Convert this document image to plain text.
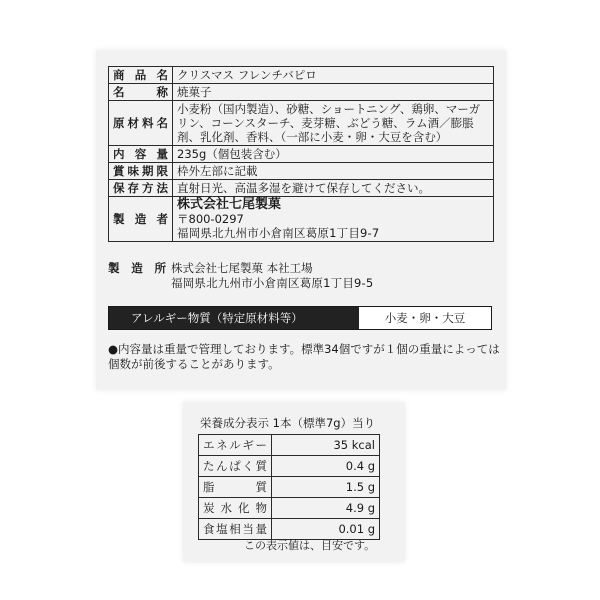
商品名	クリスマス フレンチバピロ
名称	焼菓子
原材料名	小麦粉（国内製造）、砂糖、ショートニング、鶏卵、マーガリン、コーンスターチ、麦芽糖、ぶどう糖、ラム酒／膨脹剤、乳化剤、香料、（一部に小麦・卵・大豆を含む）
内容量	235g（個包装含む）
賞味期限	枠外左部に記載
保存方法	直射日光、高温多湿を避けて保存してください。
製造者	株式会社七尾製菓
〒800-0297
福岡県北九州市小倉南区葛原1丁目9-7
製造所 株式会社七尾製菓 本社工場
福岡県北九州市小倉南区葛原1丁目9-5
アレルギー物質（特定原材料等）	小麦・卵・大豆
●内容量は重量で管理しております。標準34個ですが１個の重量によっては個数が前後することがあります。
栄養成分表示 1本（標準7g）当り
エネルギー	35 kcal
たんぱく質	0.4 g
脂質	1.5 g
炭水化物	4.9 g
食塩相当量	0.01 g
この表示値は、目安です。
